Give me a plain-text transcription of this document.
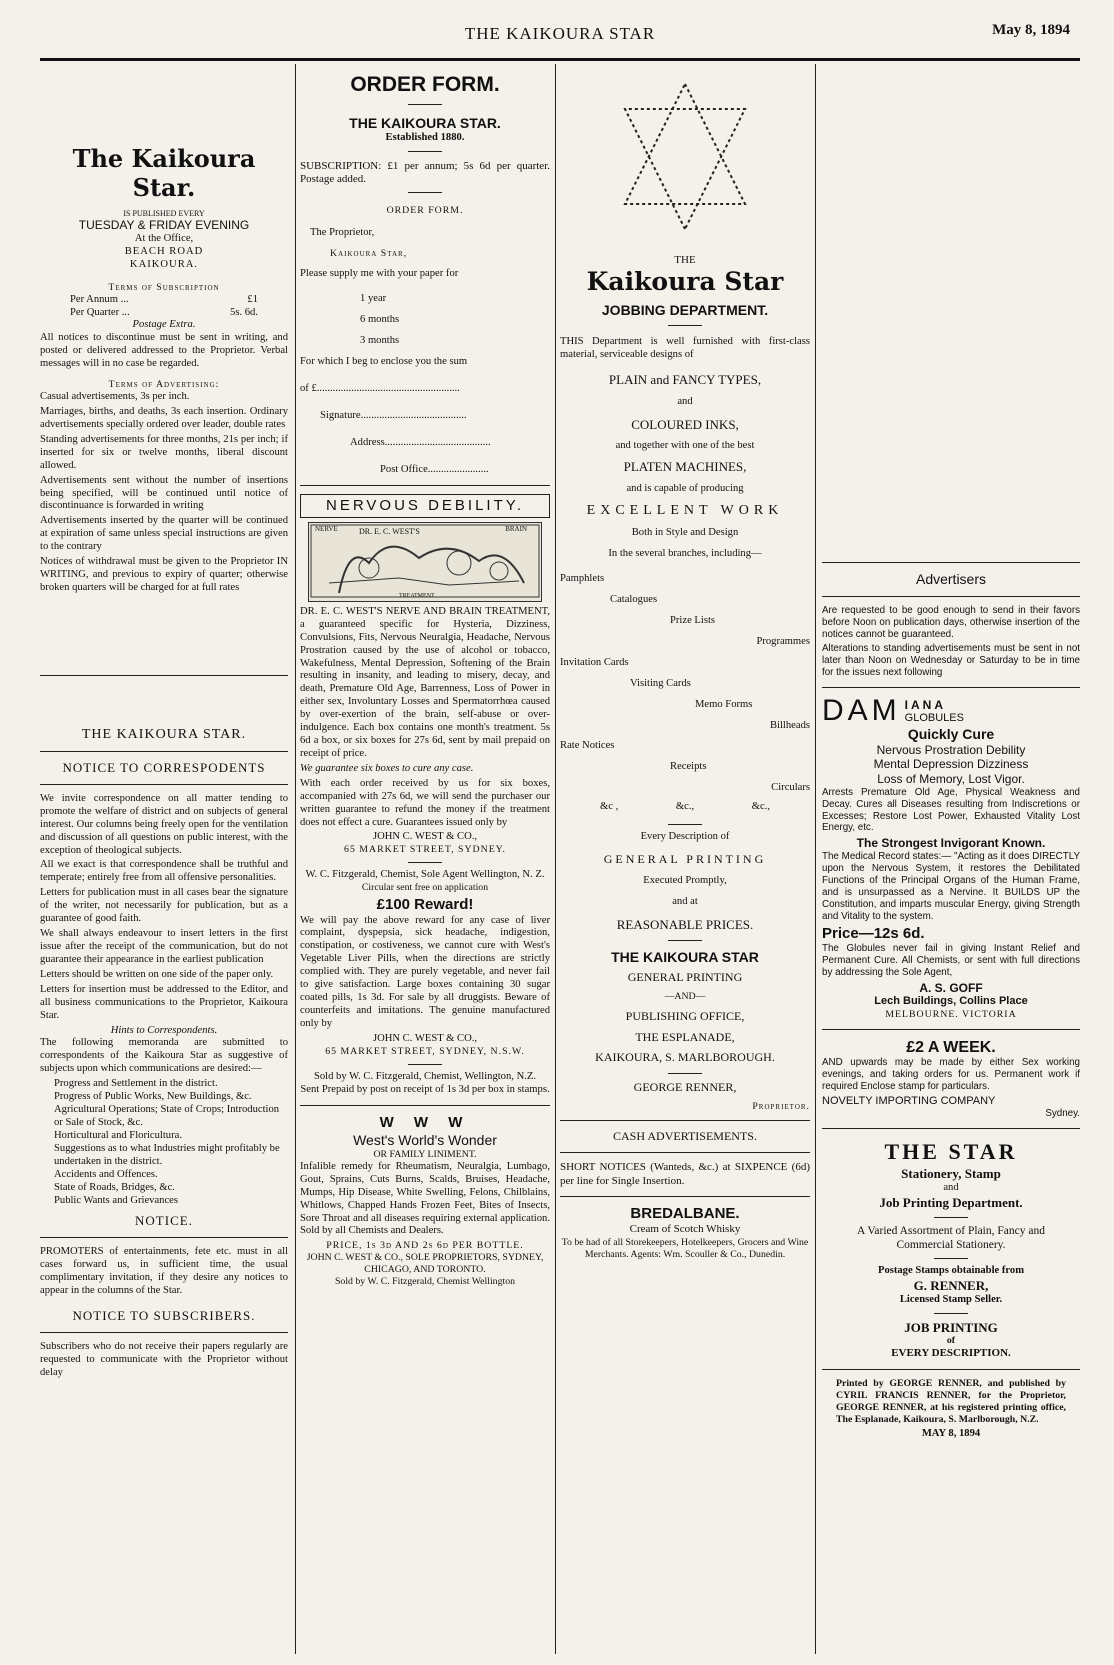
THE KAIKOURA STAR	May 8, 1894
The Kaikoura Star.
IS PUBLISHED EVERY
TUESDAY & FRIDAY EVENING
At the Office,
BEACH ROAD
KAIKOURA.
Terms of Subscription
Per Annum ...	£1
Per Quarter ...	5s. 6d.
Postage Extra.

All notices to discontinue must be sent in writing, and posted or delivered addressed to the Proprietor. Verbal messages will in no case be regarded.

Terms of Advertising:

Casual advertisements, 3s per inch.

Marriages, births, and deaths, 3s each insertion. Ordinary advertisements specially ordered over leader, double rates

Standing advertisements for three months, 21s per inch; if inserted for six or twelve months, liberal discount allowed.

Advertisements sent without the number of insertions being specified, will be continued until notice of discontinuance is forwarded in writing

Advertisements inserted by the quarter will be continued at expiration of same unless special instructions are given to the contrary

Notices of withdrawal must be given to the Proprietor IN WRITING, and previous to expiry of quarter; otherwise broken quarters will be charged for at full rates

THE KAIKOURA STAR.
NOTICE TO CORRESPODENTS

We invite correspondence on all matter tending to promote the welfare of district and on subjects of general interest. Our columns being freely open for the ventilation and discussion of all questions on public interest, with the exception of theological subjects.

All we exact is that correspondence shall be truthful and temperate; entirely free from all offensive personalities.

Letters for publication must in all cases bear the signature of the writer, not necessarily for publication, but as a guarantee of good faith.

We shall always endeavour to insert letters in the first issue after the receipt of the communication, but do not guarantee their appearance in the earliest publication

Letters should be written on one side of the paper only.

Letters for insertion must be addressed to the Editor, and all business communications to the Proprietor, Kaikoura Star.

Hints to Correspondents.

The following memoranda are submitted to correspondents of the Kaikoura Star as suggestive of subjects upon which communications are desired:—

Progress and Settlement in the district.
Progress of Public Works, New Buildings, &c.
Agricultural Operations; State of Crops; Introduction or Sale of Stock, &c.
Horticultural and Floricultura.
Suggestions as to what Industries might profitably be undertaken in the district.
Accidents and Offences.
State of Roads, Bridges, &c.
Public Wants and Grievances
NOTICE.

PROMOTERS of entertainments, fete etc. must in all cases forward us, in sufficient time, the usual complimentary invitation, if they desire any notices to appear in the columns of the Star.

NOTICE TO SUBSCRIBERS.

Subscribers who do not receive their papers regularly are requested to communicate with the Proprietor without delay

ORDER FORM.
THE KAIKOURA STAR.
Established 1880.

SUBSCRIPTION: £1 per annum; 5s 6d per quarter. Postage added.

ORDER FORM.
The Proprietor,
Kaikoura Star,
Please supply me with your paper for
1 year
6 months
3 months
For which I beg to enclose you the sum
of £......................................................
Signature........................................
Address........................................
Post Office.......................
NERVOUS DEBILITY.
DR. E. C. WEST'S	BRAIN
NERVE
TREATMENT

DR. E. C. WEST'S NERVE AND BRAIN TREATMENT, a guaranteed specific for Hysteria, Dizziness, Convulsions, Fits, Nervous Neuralgia, Headache, Nervous Prostration caused by the use of alcohol or tobacco, Wakefulness, Mental Depression, Softening of the Brain resulting in insanity, and leading to misery, decay, and death, Premature Old Age, Barrenness, Loss of Power in either sex, Involuntary Losses and Spermatorrhœa caused by over-exertion of the brain, self-abuse or over-indulgence. Each box contains one month's treatment. 5s 6d a box, or six boxes for 27s 6d, sent by mail prepaid on receipt of price.

We guarantee six boxes to cure any case.

With each order received by us for six boxes, accompanied with 27s 6d, we will send the purchaser our written guarantee to refund the money if the treatment does not effect a cure. Guarantees issued only by

JOHN C. WEST & CO.,
65 MARKET STREET, SYDNEY.
W. C. Fitzgerald, Chemist, Sole Agent Wellington, N. Z.
Circular sent free on application
£100 Reward!

We will pay the above reward for any case of liver complaint, dyspepsia, sick headache, indigestion, constipation, or costiveness, we cannot cure with West's Vegetable Liver Pills, when the directions are strictly complied with. They are purely vegetable, and never fail to give satisfaction. Large boxes containing 30 sugar coated pills, 1s 3d. For sale by all druggists. Beware of counterfeits and imitations. The genuine manufactured only by

JOHN C. WEST & CO.,
65 MARKET STREET, SYDNEY, N.S.W.
Sold by W. C. Fitzgerald, Chemist, Wellington, N.Z.
Sent Prepaid by post on receipt of 1s 3d per box in stamps.
W W W
West's World's Wonder
OR FAMILY LINIMENT.

Infalible remedy for Rheumatism, Neuralgia, Lumbago, Gout, Sprains, Cuts Burns, Scalds, Bruises, Headache, Mumps, Hip Disease, White Swelling, Felons, Chilblains, Whitlows, Chapped Hands Frozen Feet, Bites of Insects, Sore Throat and all diseases requiring external application. Sold by all Chemists and Dealers.

PRICE, 1s 3d AND 2s 6d PER BOTTLE.
JOHN C. WEST & CO., SOLE PROPRIETORS, SYDNEY, CHICAGO, AND TORONTO.
Sold by W. C. Fitzgerald, Chemist Wellington
THE
Kaikoura Star
JOBBING DEPARTMENT.

THIS Department is well furnished with first-class material, serviceable designs of

PLAIN and FANCY TYPES,
and
COLOURED INKS,
and together with one of the best
PLATEN MACHINES,
and is capable of producing
EXCELLENT WORK
Both in Style and Design
In the several branches, including—
Pamphlets
Catalogues
Prize Lists
Programmes
Invitation Cards
Visiting Cards
Memo Forms
Billheads
Rate Notices
Receipts
Circulars
&c ,	&c.,	&c.,
Every Description of
GENERAL PRINTING
Executed Promptly,
and at
REASONABLE PRICES.
THE KAIKOURA STAR
GENERAL PRINTING
—AND—
PUBLISHING OFFICE,
THE ESPLANADE,
KAIKOURA, S. MARLBOROUGH.
GEORGE RENNER,
Proprietor.
CASH ADVERTISEMENTS.

SHORT NOTICES (Wanteds, &c.) at SIXPENCE (6d) per line for Single Insertion.

BREDALBANE.
Cream of Scotch Whisky
To be had of all Storekeepers, Hotelkeepers, Grocers and Wine Merchants. Agents: Wm. Scouller & Co., Dunedin.
Advertisers

Are requested to be good enough to send in their favors before Noon on publication days, otherwise insertion of the notices cannot be guaranteed.

Alterations to standing advertisements must be sent in not later than Noon on Wednesday or Saturday to be in time for the issues next following

DAM IANA
GLOBULES
Quickly Cure
Nervous Prostration Debility
Mental Depression Dizziness
Loss of Memory, Lost Vigor.

Arrests Premature Old Age, Physical Weakness and Decay. Cures all Diseases resulting from Indiscretions or Excesses; Restore Lost Power, Exhausted Vitality Lost Energy, etc.

The Strongest Invigorant Known.

The Medical Record states:— "Acting as it does DIRECTLY upon the Nervous System, it restores the Debilitated Functions of the Principal Organs of the Human Frame, and is unsurpassed as a Nervine. It BUILDS UP the Constitution, and imparts muscular Energy, giving Strength and Vitality to the system.

Price—12s 6d.

The Globules never fail in giving Instant Relief and Permanent Cure. All Chemists, or sent with full directions by addressing the Sole Agent,

A. S. GOFF
Lech Buildings, Collins Place
MELBOURNE. VICTORIA
£2 A WEEK.

AND upwards may be made by either Sex working evenings, and taking orders for us. Permanent work if required Enclose stamp for particulars.

NOVELTY IMPORTING COMPANY
Sydney.
THE STAR
Stationery, Stamp
and
Job Printing Department.
A Varied Assortment of Plain, Fancy and Commercial Stationery.
Postage Stamps obtainable from
G. RENNER,
Licensed Stamp Seller.
JOB PRINTING
of
EVERY DESCRIPTION.

Printed by GEORGE RENNER, and published by CYRIL FRANCIS RENNER, for the Proprietor, GEORGE RENNER, at his registered printing office, The Esplanade, Kaikoura, S. Marlborough, N.Z.

MAY 8, 1894
